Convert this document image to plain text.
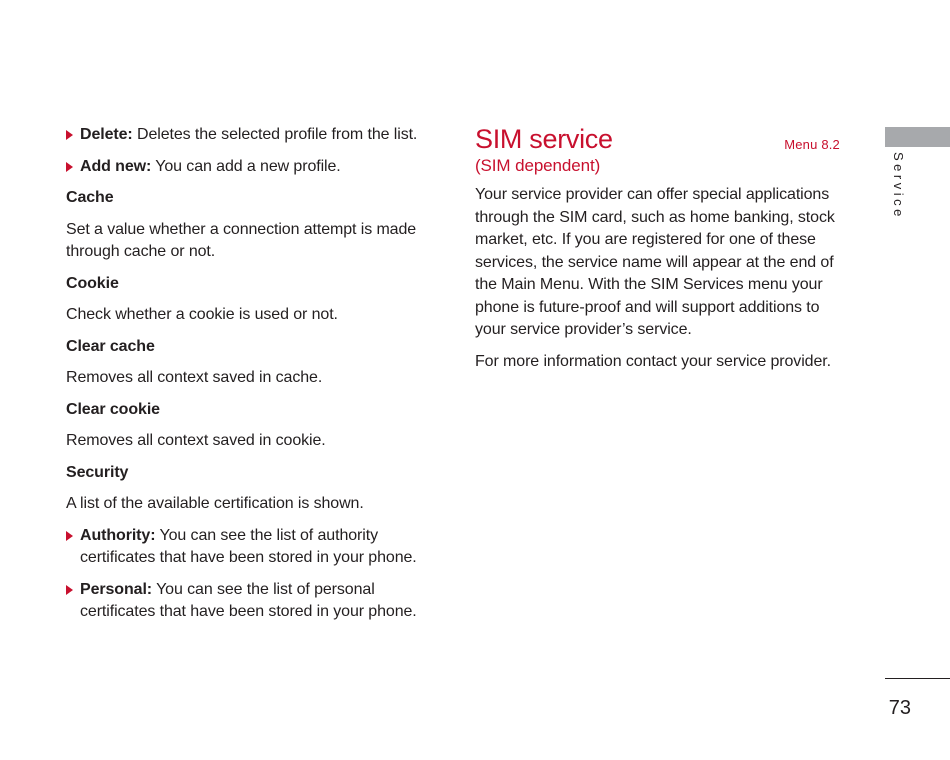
Delete: Deletes the selected profile from the list.
Add new: You can add a new profile.
Cache
Set a value whether a connection attempt is made through cache or not.
Cookie
Check whether a cookie is used or not.
Clear cache
Removes all context saved in cache.
Clear cookie
Removes all context saved in cookie.
Security
A list of the available certification is shown.
Authority: You can see the list of authority certificates that have been stored in your phone.
Personal: You can see the list of personal certificates that have been stored in your phone.
SIM service	Menu 8.2
(SIM dependent)
Your service provider can offer special applications through the SIM card, such as home banking, stock market, etc. If you are registered for one of these services, the service name will appear at the end of the Main Menu. With the SIM Services menu your phone is future-proof and will support additions to your service provider’s service.
For more information contact your service provider.
Service
73
